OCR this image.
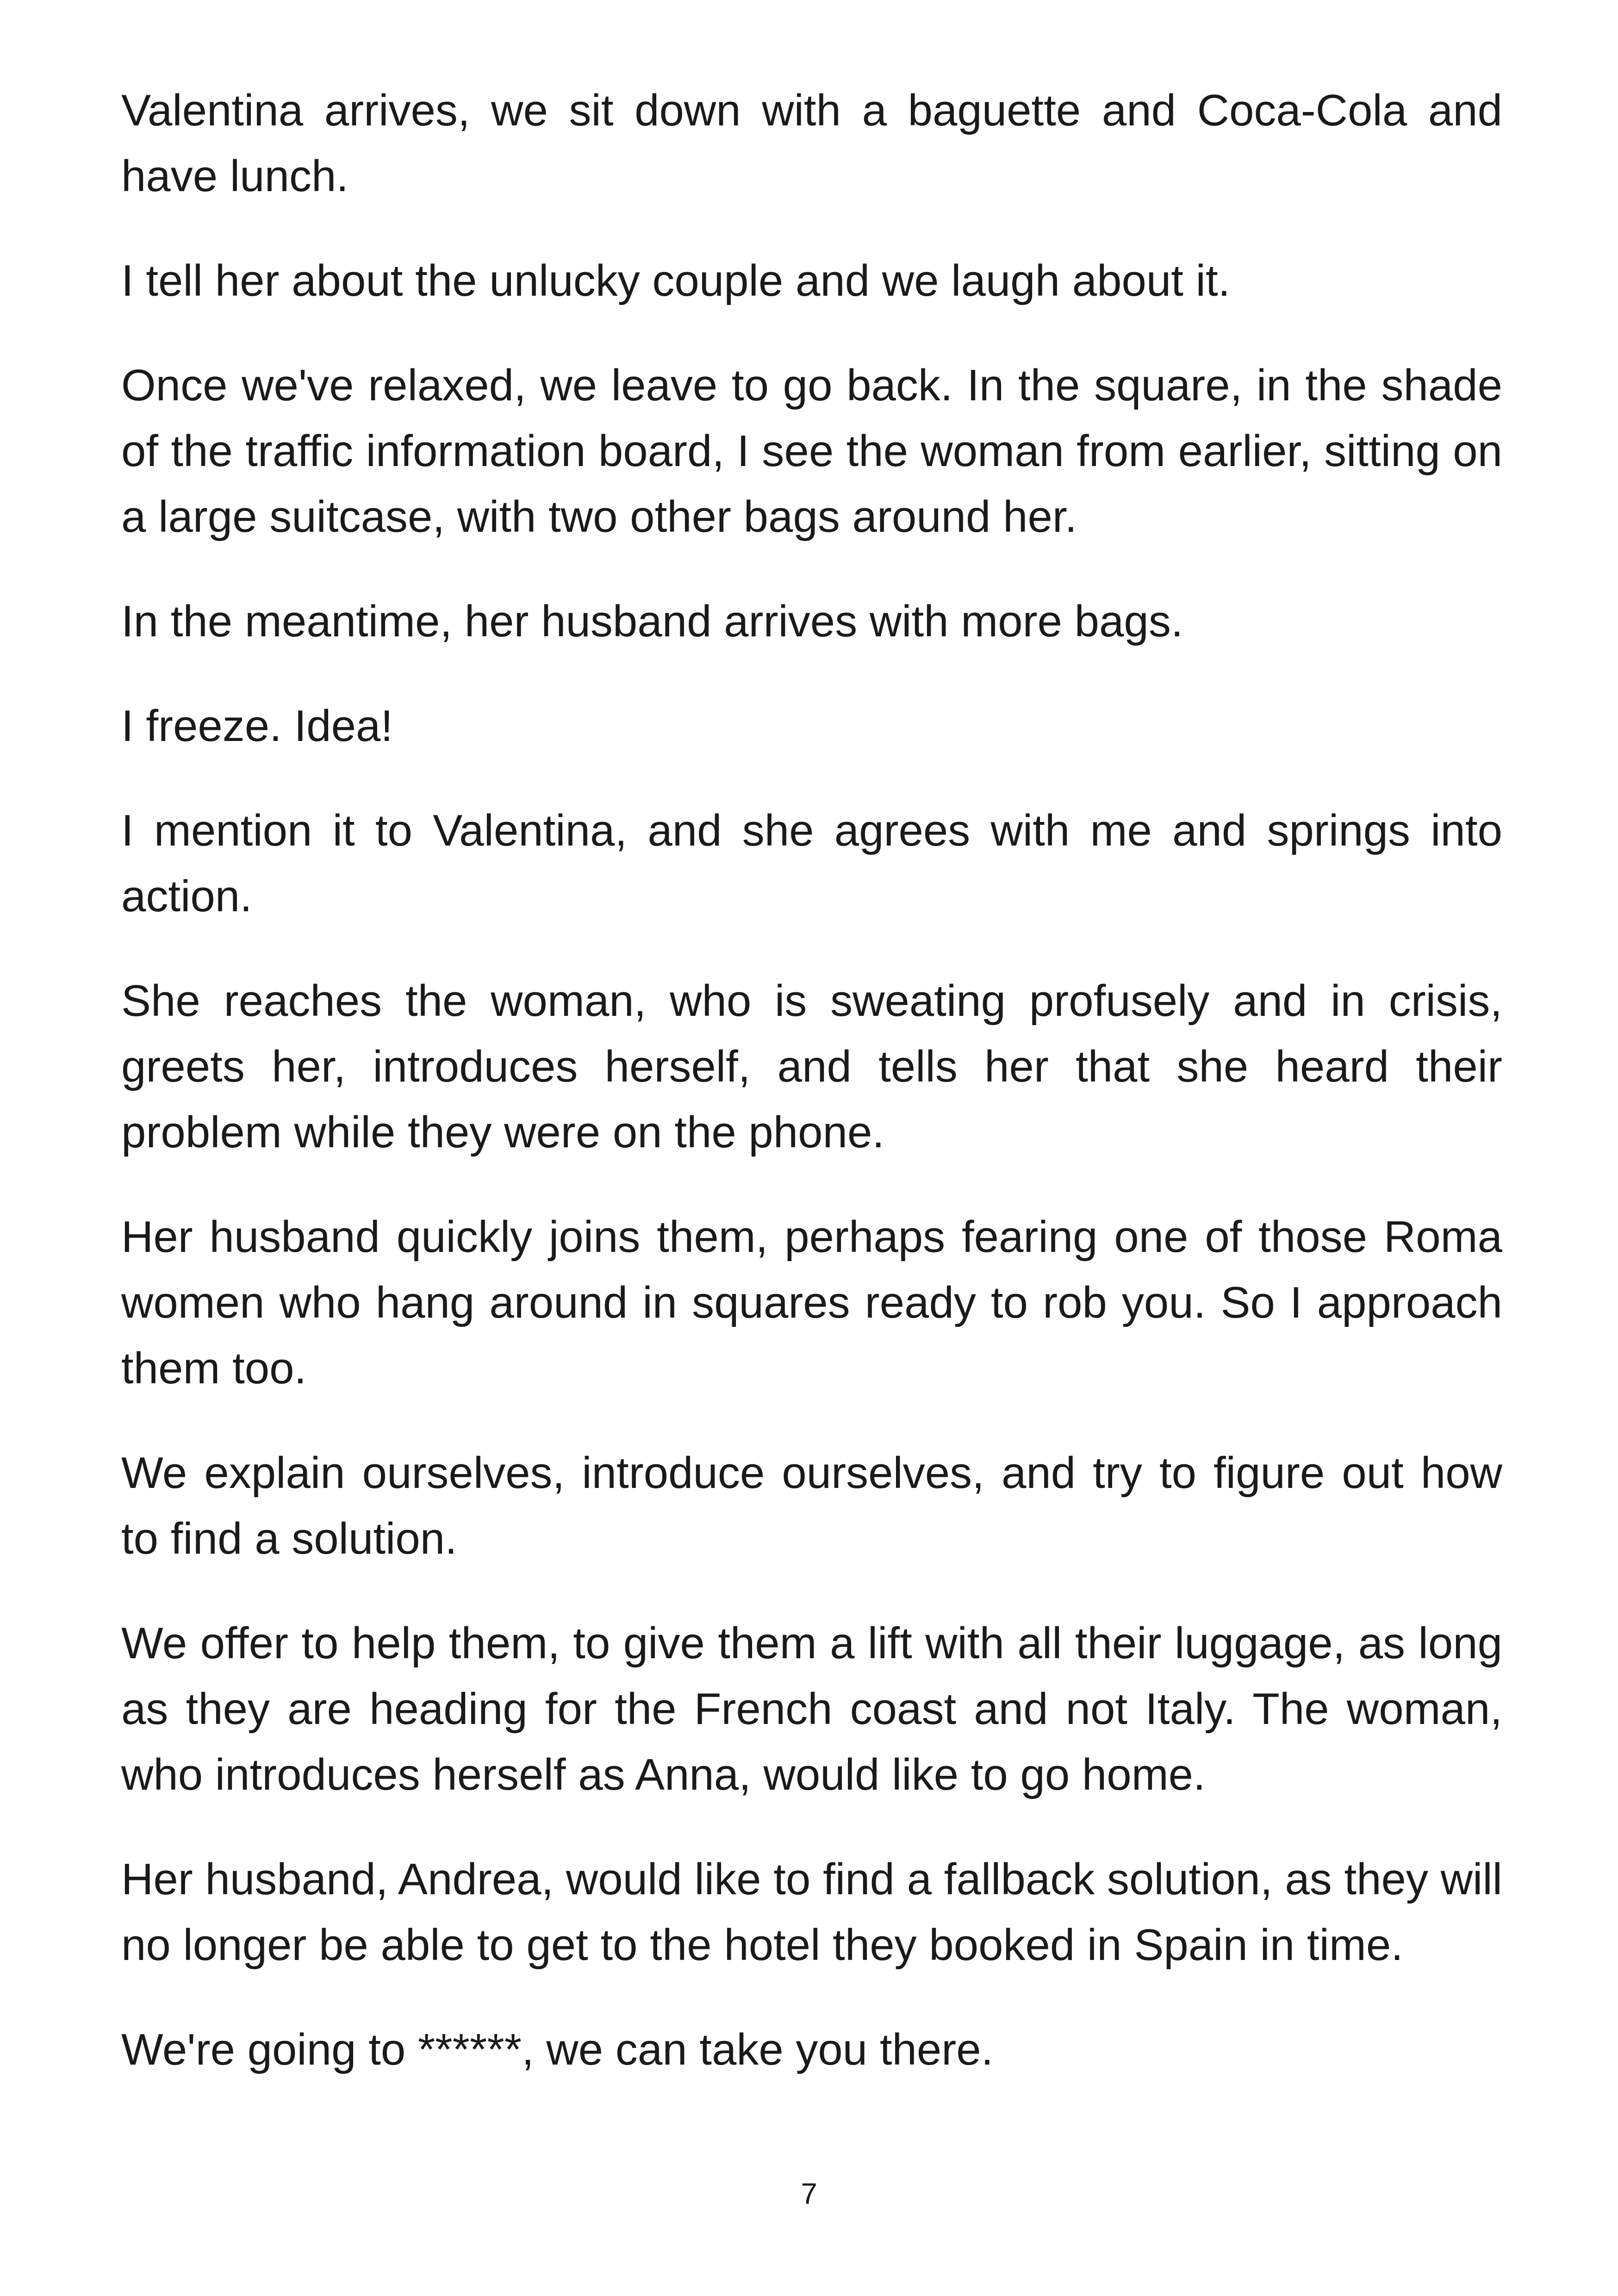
Valentina arrives, we sit down with a baguette and Coca-Cola and have lunch.

I tell her about the unlucky couple and we laugh about it.

Once we've relaxed, we leave to go back. In the square, in the shade of the traffic information board, I see the woman from earlier, sitting on a large suitcase, with two other bags around her.

In the meantime, her husband arrives with more bags.

I freeze. Idea!

I mention it to Valentina, and she agrees with me and springs into action.

She reaches the woman, who is sweating profusely and in crisis, greets her, introduces herself, and tells her that she heard their problem while they were on the phone.

Her husband quickly joins them, perhaps fearing one of those Roma women who hang around in squares ready to rob you. So I approach them too.

We explain ourselves, introduce ourselves, and try to figure out how to find a solution.

We offer to help them, to give them a lift with all their luggage, as long as they are heading for the French coast and not Italy. The woman, who introduces herself as Anna, would like to go home.

Her husband, Andrea, would like to find a fallback solution, as they will no longer be able to get to the hotel they booked in Spain in time.

We're going to ******, we can take you there.

7
